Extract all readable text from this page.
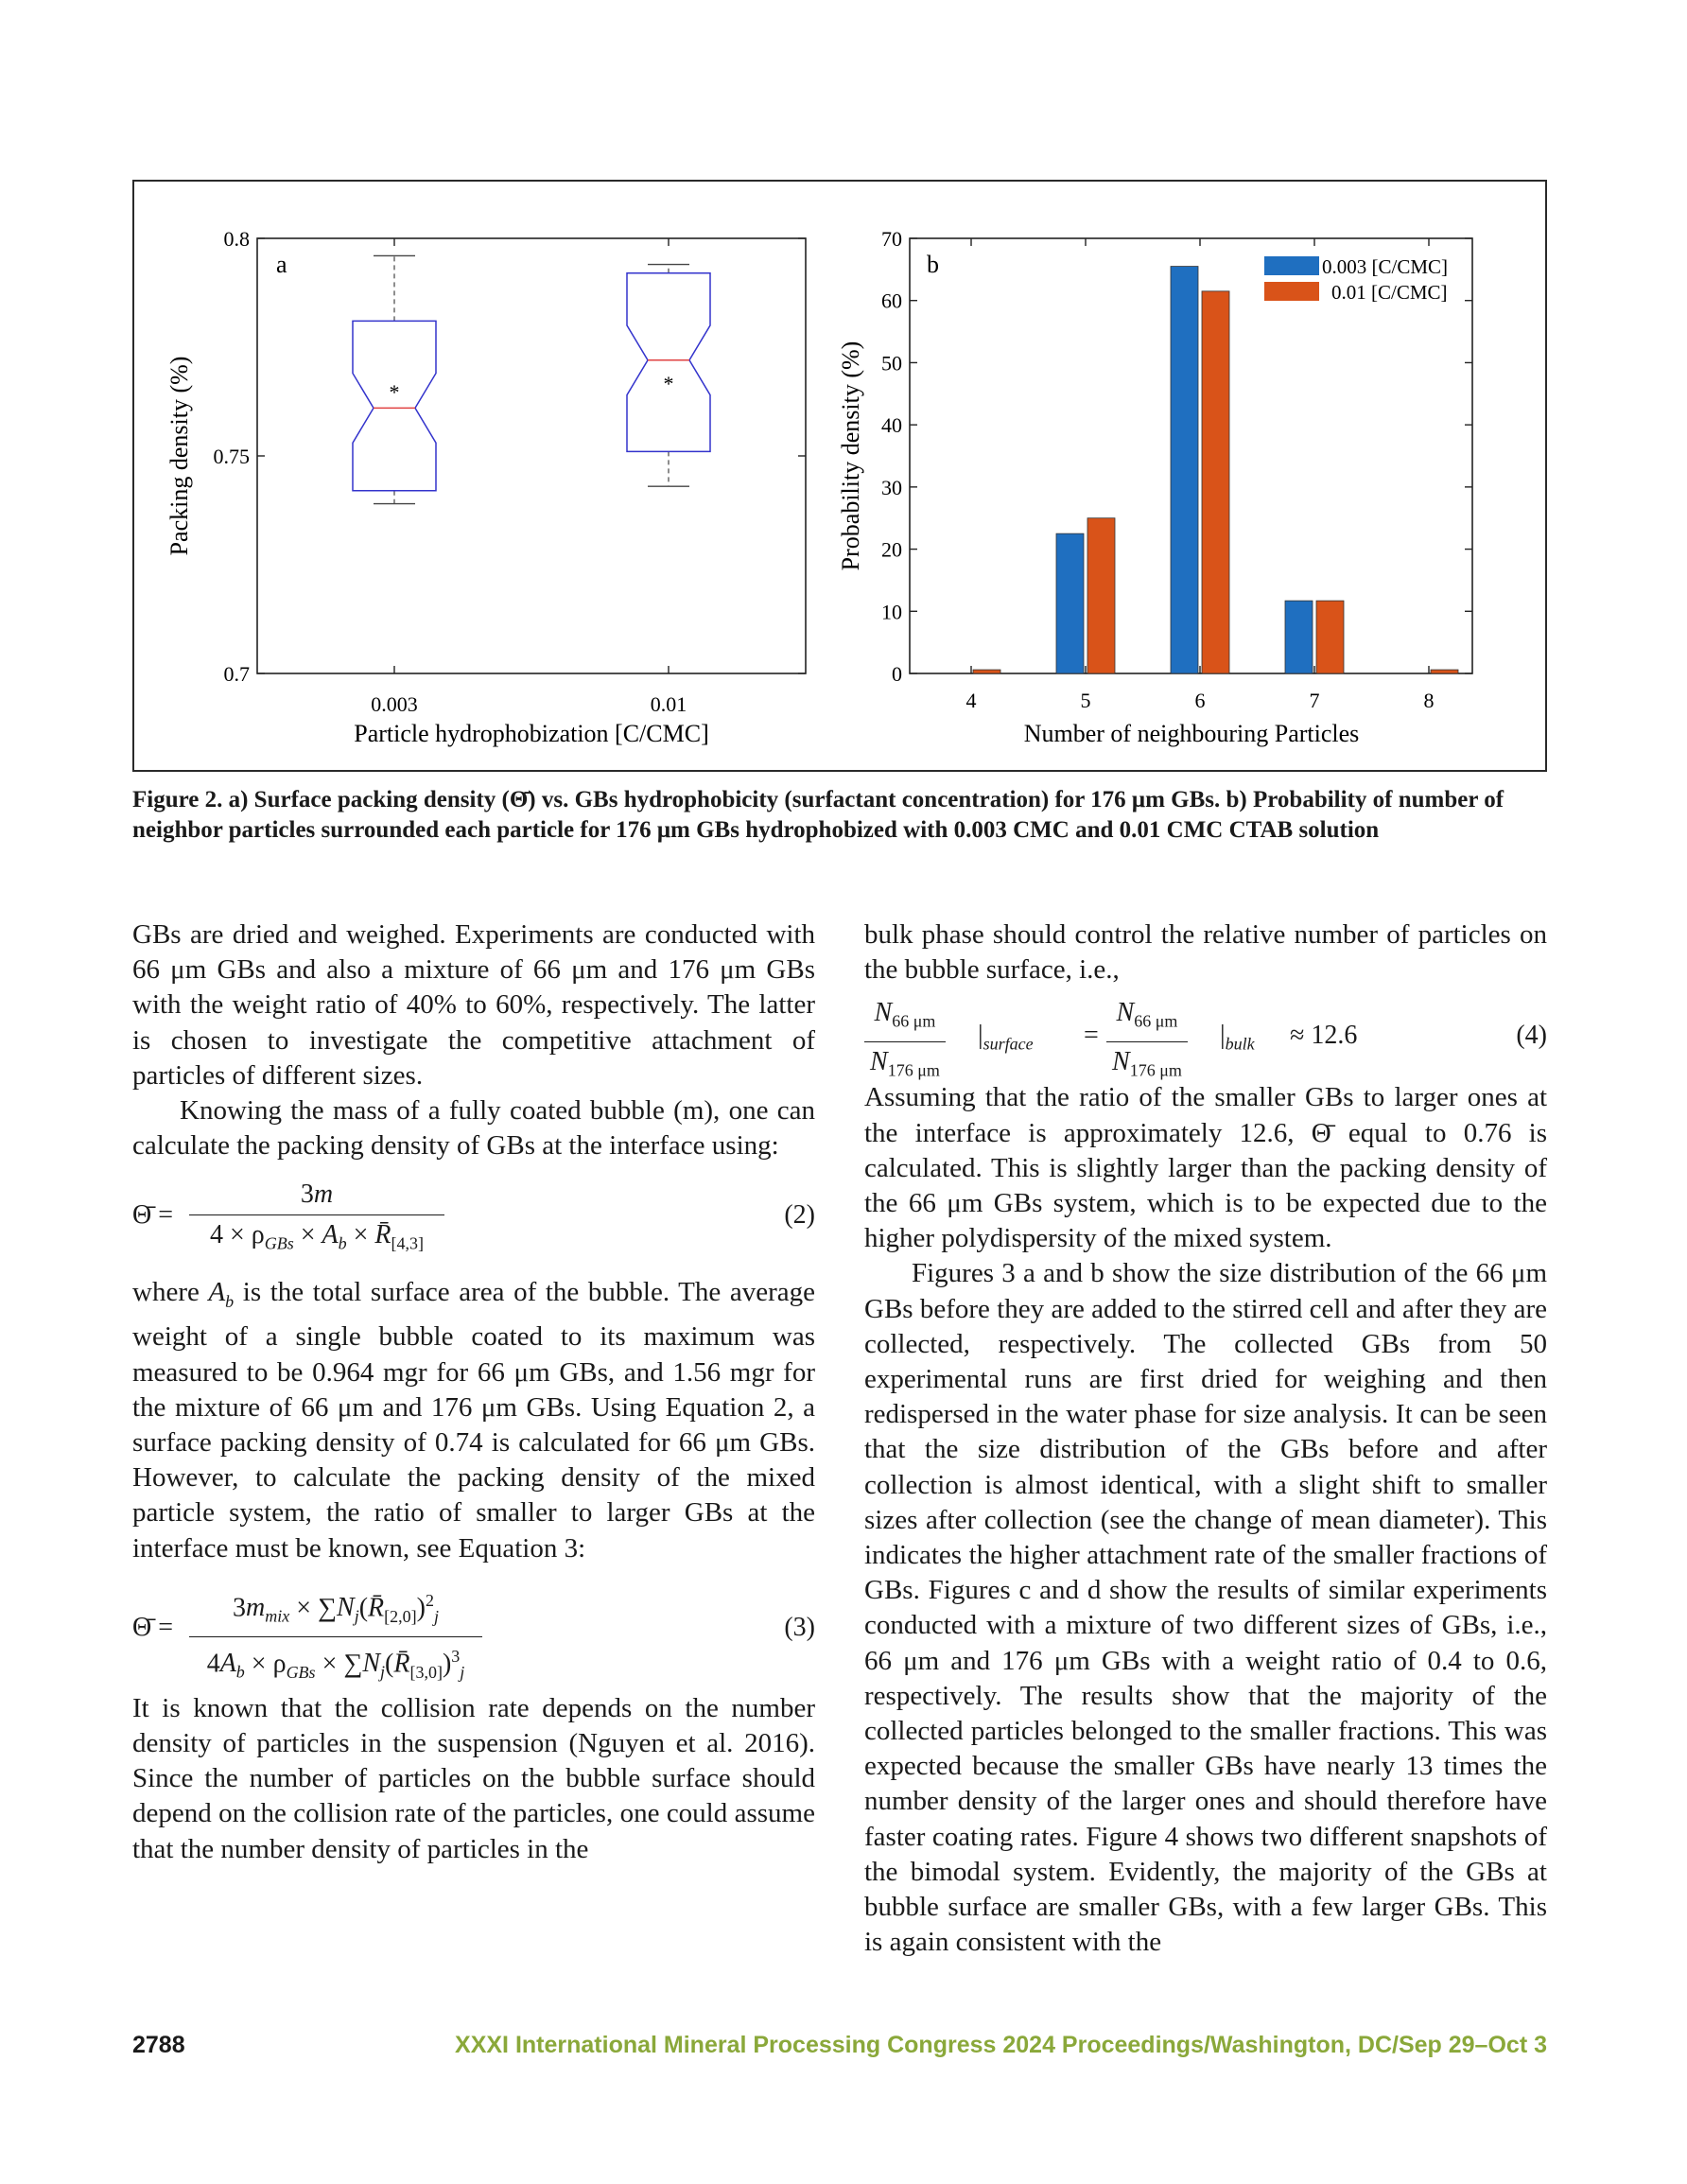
a
Packing density (%)
Particle hydrophobization [C/CMC]
0.7
0.75
0.8
0.003	0.01
*	*
b
Probability density (%)
Number of neighbouring Particles
0
10
20
30
40
50
60
70
4	5	6	7	8
0.003 [C/CMC]
0.01 [C/CMC]
Figure 2. a) Surface packing density (Θ̄) vs. GBs hydrophobicity (surfactant concentration) for 176 μm GBs. b) Probability of number of neighbor particles surrounded each particle for 176 μm GBs hydrophobized with 0.003 CMC and 0.01 CMC CTAB solution

GBs are dried and weighed. Experiments are conducted with 66 μm GBs and also a mixture of 66 μm and 176 μm GBs with the weight ratio of 40% to 60%, respectively. The latter is chosen to investigate the competitive attachment of particles of different sizes.

Knowing the mass of a fully coated bubble (m), one can calculate the packing density of GBs at the interface using:

Θ̄ =
3m
$4 \times \rho_{GBs} \times A_b$ × $R̄_{[4,3]}$
(2)

where $A_b$ is the total surface area of the bubble. The average weight of a single bubble coated to its maximum was measured to be 0.964 mgr for 66 μm GBs, and 1.56 mgr for the mixture of 66 μm and 176 μm GBs. Using Equation 2, a surface packing density of 0.74 is calculated for 66 μm GBs. However, to calculate the packing density of the mixed particle system, the ratio of smaller to larger GBs at the interface must be known, see Equation 3:

Θ̄ =
$3m_{mix}$ × $\sum N_j(R̄_{[2,0]})^2_j$
$4A_b \times \rho_{GBs}$ × $\sum N_j(R̄_{[3,0]})^3_j$
(3)

It is known that the collision rate depends on the number density of particles in the suspension (Nguyen et al. 2016). Since the number of particles on the bubble surface should depend on the collision rate of the particles, one could assume that the number density of particles in the

bulk phase should control the relative number of particles on the bubble surface, i.e.,

$\frac{N_{66 \mu m}}{N_{176 \mu m}} |_{surface} = \frac{N_{66 \mu m}}{N_{176 \mu m}} |_{bulk} \approx 12.6$	(4)

Assuming that the ratio of the smaller GBs to larger ones at the interface is approximately 12.6, Θ̄ equal to 0.76 is calculated. This is slightly larger than the packing density of the 66 μm GBs system, which is to be expected due to the higher polydispersity of the mixed system.

Figures 3 a and b show the size distribution of the 66 μm GBs before they are added to the stirred cell and after they are collected, respectively. The collected GBs from 50 experimental runs are first dried for weighing and then redispersed in the water phase for size analysis. It can be seen that the size distribution of the GBs before and after collection is almost identical, with a slight shift to smaller sizes after collection (see the change of mean diameter). This indicates the higher attachment rate of the smaller fractions of GBs. Figures c and d show the results of similar experiments conducted with a mixture of two different sizes of GBs, i.e., 66 μm and 176 μm GBs with a weight ratio of 0.4 to 0.6, respectively. The results show that the majority of the collected particles belonged to the smaller fractions. This was expected because the smaller GBs have nearly 13 times the number density of the larger ones and should therefore have faster coating rates. Figure 4 shows two different snapshots of the bimodal system. Evidently, the majority of the GBs at bubble surface are smaller GBs, with a few larger GBs. This is again consistent with the

2788	XXXI International Mineral Processing Congress 2024 Proceedings/Washington, DC/Sep 29–Oct 3
